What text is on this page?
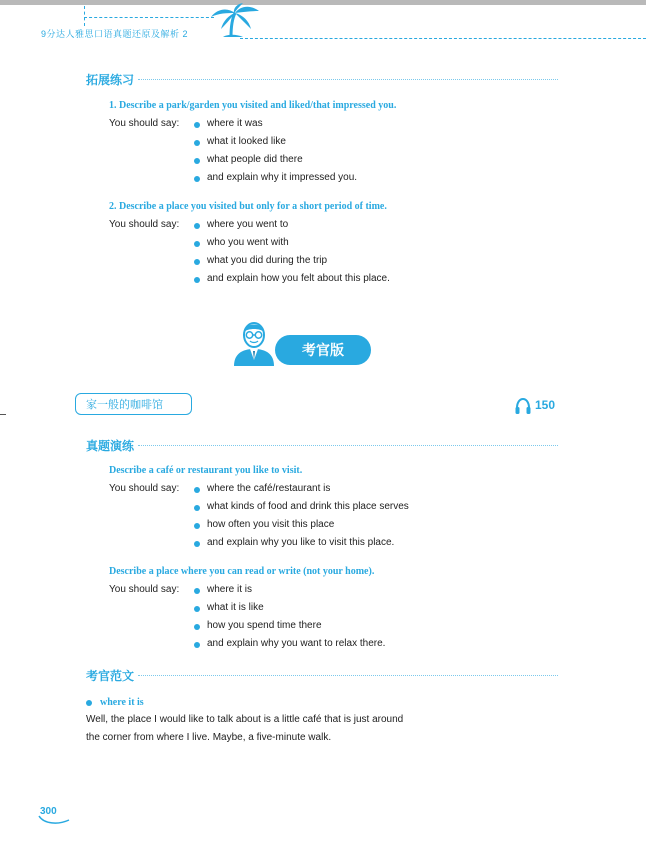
9分达人雅思口语真题还原及解析 2
拓展练习
1. Describe a park/garden you visited and liked/that impressed you.
You should say:	where it was
what it looked like
what people did there
and explain why it impressed you.
2. Describe a place you visited but only for a short period of time.
You should say:	where you went to
who you went with
what you did during the trip
and explain how you felt about this place.
考官版
家一般的咖啡馆	150
真题演练
Describe a café or restaurant you like to visit.
You should say:	where the café/restaurant is
what kinds of food and drink this place serves
how often you visit this place
and explain why you like to visit this place.
Describe a place where you can read or write (not your home).
You should say:	where it is
what it is like
how you spend time there
and explain why you want to relax there.
考官范文
where it is
Well, the place I would like to talk about is a little café that is just around
the corner from where I live. Maybe, a five-minute walk.
300
